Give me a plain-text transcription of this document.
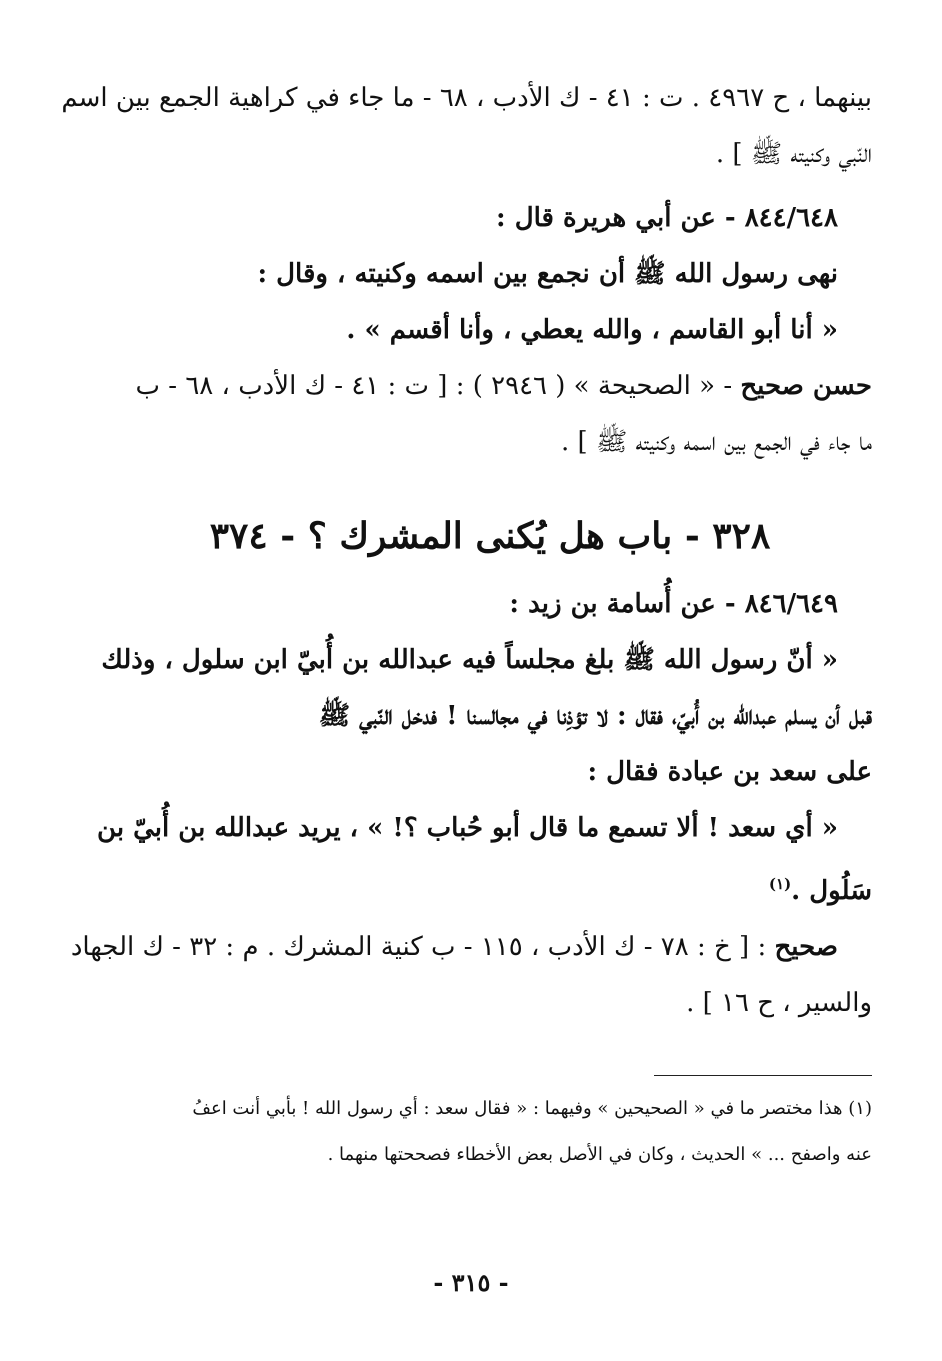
بينهما ، ح ٤٩٦٧ . ت : ٤١ - ك الأدب ، ٦٨ - ما جاء في كراهية الجمع بين اسم
النّبي وكنيته ﷺ ] .
٨٤٤/٦٤٨ - عن أبي هريرة قال :
نهى رسول الله ﷺ أن نجمع بين اسمه وكنيته ، وقال :
« أنا أبو القاسم ، والله يعطي ، وأنا أقسم » .
حسن صحيح - « الصحيحة » ( ٢٩٤٦ ) : [ ت : ٤١ - ك الأدب ، ٦٨ - ب
ما جاء في الجمع بين اسمه وكنيته ﷺ ] .
٣٢٨ - باب هل يُكنى المشرك ؟ - ٣٧٤
٨٤٦/٦٤٩ - عن أُسامة بن زيد :
« أنّ رسول الله ﷺ بلغ مجلساً فيه عبدالله بن أُبيّ ابن سلول ، وذلك
قبل أن يسلم عبدالله بن أُبيّ، فقال : لا تؤذِنا في مجالسنا ! فدخل النّبي ﷺ
على سعد بن عبادة فقال :
« أي سعد ! ألا تسمع ما قال أبو حُباب ؟! » ، يريد عبدالله بن أُبيّ بن
سَلُول .$^{(١)}$
صحيح : [ خ : ٧٨ - ك الأدب ، ١١٥ - ب كنية المشرك . م : ٣٢ - ك الجهاد
والسير ، ح ١٦ ] .
(١) هذا مختصر ما في « الصحيحين » وفيهما : « فقال سعد : أي رسول الله ! بأبي أنت اعفُ
عنه واصفح ... » الحديث ، وكان في الأصل بعض الأخطاء فصححتها منهما .
- ٣١٥ -
